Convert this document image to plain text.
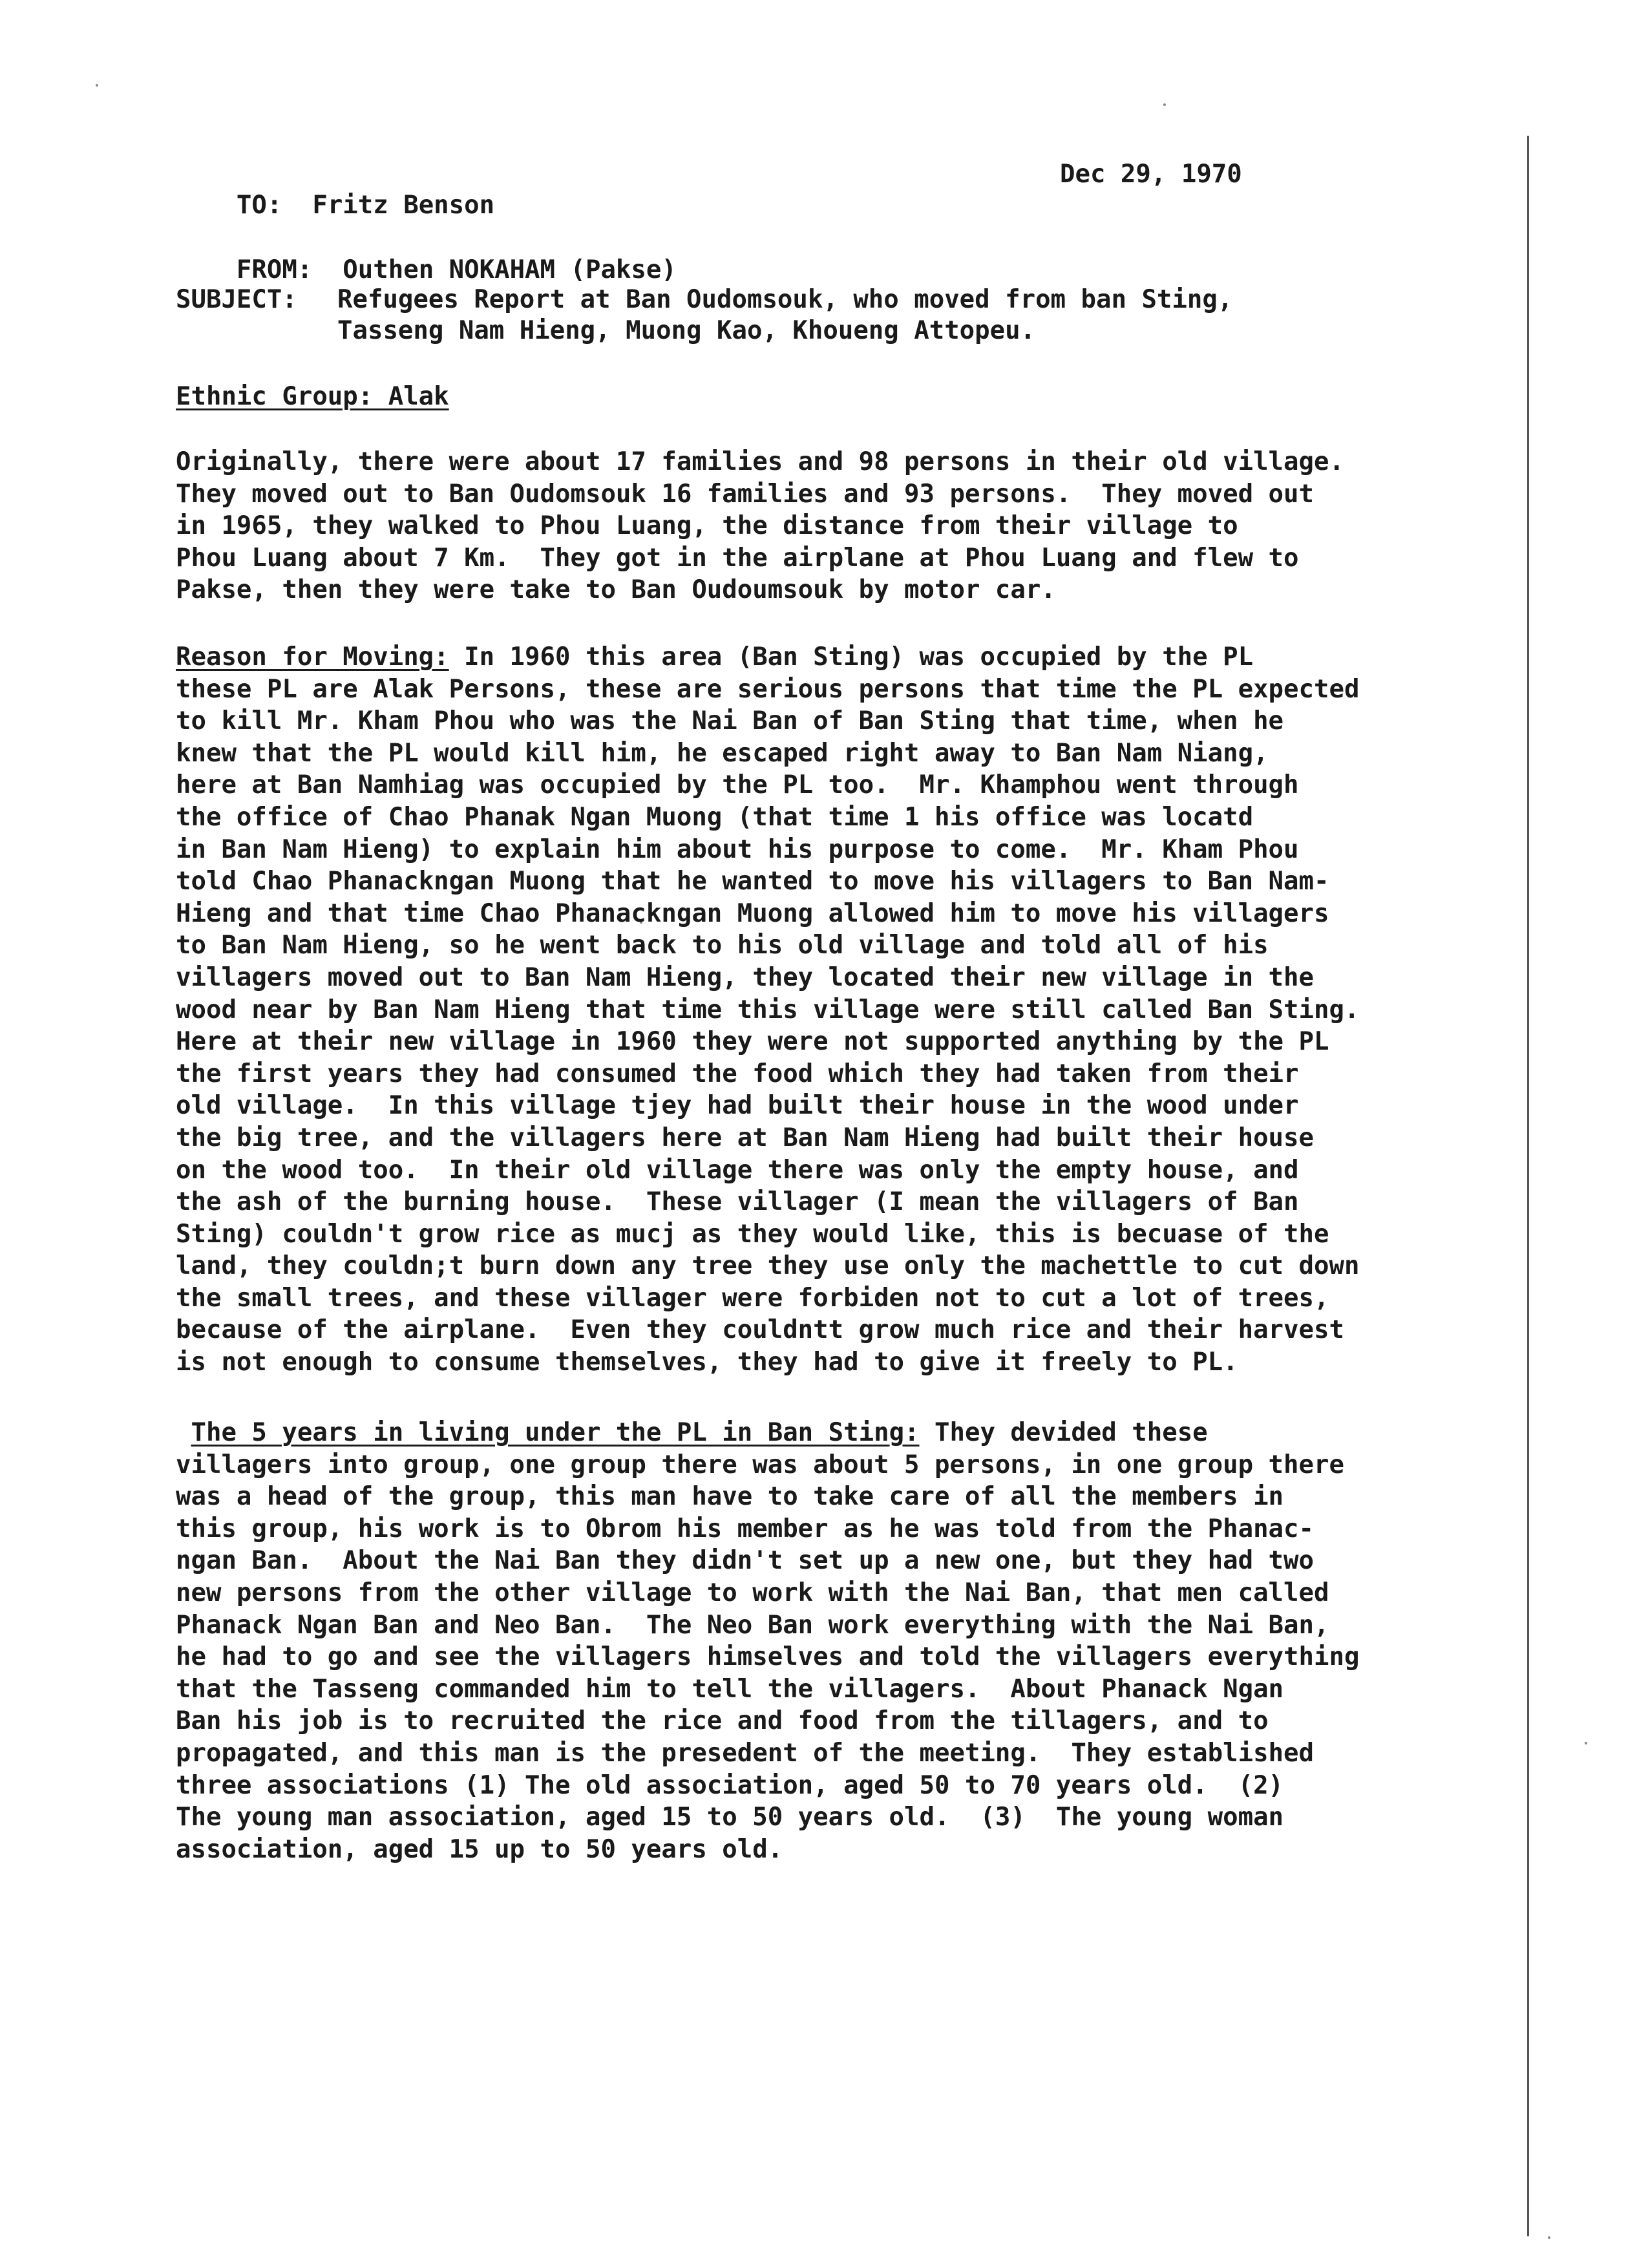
TO: Fritz Benson

Dec 29, 1970

FROM: Outhen NOKAHAM (Pakse)

SUBJECT: Refugees Report at Ban Oudomsouk, who moved from ban Sting,
Tasseng Nam Hieng, Muong Kao, Khoueng Attopeu.
Ethnic Group: Alak
Originally, there were about 17 families and 98 persons in their old village.
They moved out to Ban Oudomsouk 16 families and 93 persons.  They moved out
in 1965, they walked to Phou Luang, the distance from their village to
Phou Luang about 7 Km.  They got in the airplane at Phou Luang and flew to
Pakse, then they were take to Ban Oudoumsouk by motor car.
Reason for Moving: In 1960 this area (Ban Sting) was occupied by the PL
these PL are Alak Persons, these are serious persons that time the PL expected
to kill Mr. Kham Phou who was the Nai Ban of Ban Sting that time, when he
knew that the PL would kill him, he escaped right away to Ban Nam Niang,
here at Ban Namhiag was occupied by the PL too.  Mr. Khamphou went through
the office of Chao Phanak Ngan Muong (that time 1 his office was locatd
in Ban Nam Hieng) to explain him about his purpose to come.  Mr. Kham Phou
told Chao Phanackngan Muong that he wanted to move his villagers to Ban Nam-
Hieng and that time Chao Phanackngan Muong allowed him to move his villagers
to Ban Nam Hieng, so he went back to his old village and told all of his
villagers moved out to Ban Nam Hieng, they located their new village in the
wood near by Ban Nam Hieng that time this village were still called Ban Sting.
Here at their new village in 1960 they were not supported anything by the PL
the first years they had consumed the food which they had taken from their
old village.  In this village tjey had built their house in the wood under
the big tree, and the villagers here at Ban Nam Hieng had built their house
on the wood too.  In their old village there was only the empty house, and
the ash of the burning house.  These villager (I mean the villagers of Ban
Sting) couldn't grow rice as mucj as they would like, this is becuase of the
land, they couldn;t burn down any tree they use only the machettle to cut down
the small trees, and these villager were forbiden not to cut a lot of trees,
because of the airplane.  Even they couldntt grow much rice and their harvest
is not enough to consume themselves, they had to give it freely to PL.
The 5 years in living under the PL in Ban Sting: They devided these
villagers into group, one group there was about 5 persons, in one group there
was a head of the group, this man have to take care of all the members in
this group, his work is to Obrom his member as he was told from the Phanac-
ngan Ban.  About the Nai Ban they didn't set up a new one, but they had two
new persons from the other village to work with the Nai Ban, that men called
Phanack Ngan Ban and Neo Ban.  The Neo Ban work everything with the Nai Ban,
he had to go and see the villagers himselves and told the villagers everything
that the Tasseng commanded him to tell the villagers.  About Phanack Ngan
Ban his job is to recruited the rice and food from the tillagers, and to
propagated, and this man is the presedent of the meeting.  They established
three associations (1) The old association, aged 50 to 70 years old.  (2)
The young man association, aged 15 to 50 years old.  (3)  The young woman
association, aged 15 up to 50 years old.
